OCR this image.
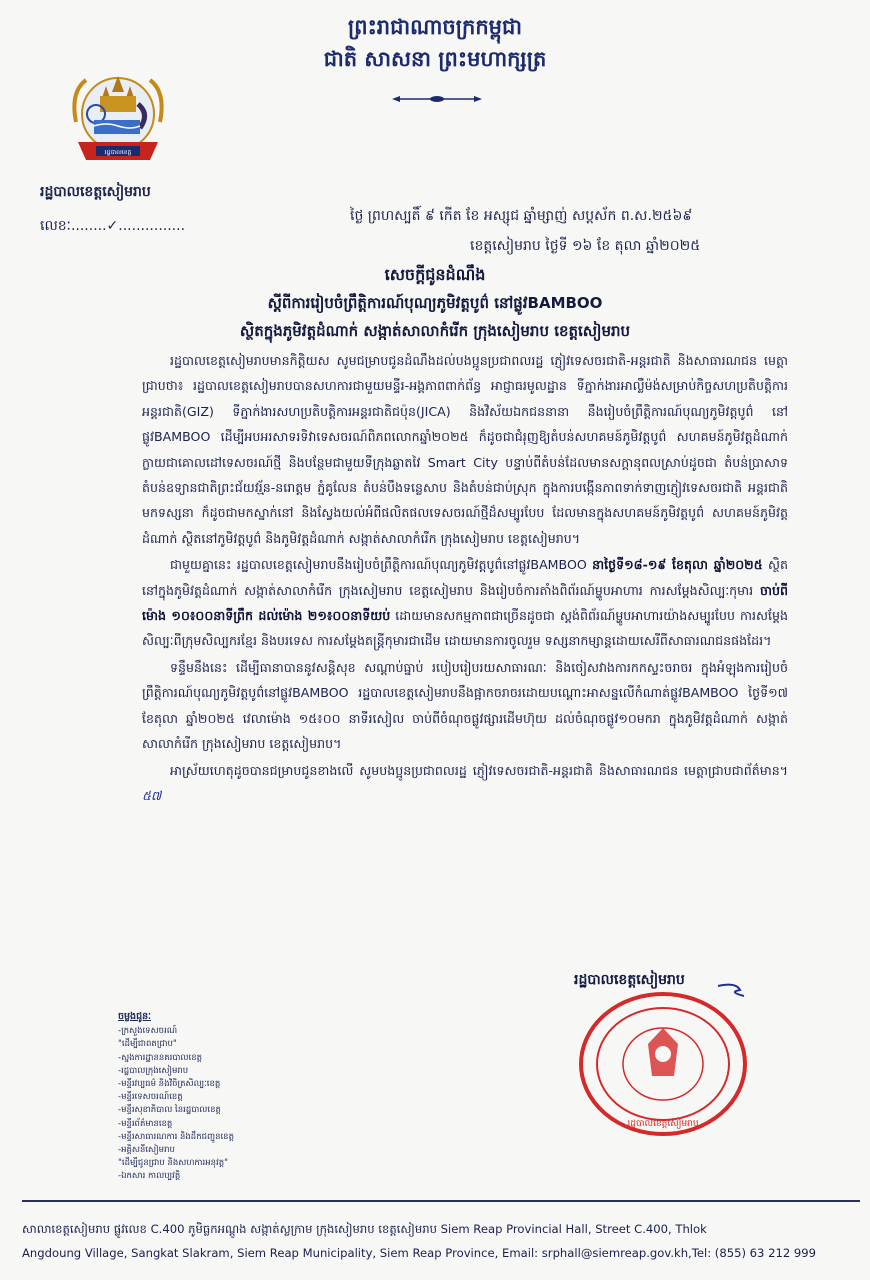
ព្រះរាជាណាចក្រកម្ពុជា
ជាតិ សាសនា ព្រះមហាក្សត្រ
រដ្ឋបាលខេត្ត
រដ្ឋបាលខេត្តសៀមរាប
លេខៈ........✓...............
ថ្ងៃ ព្រហស្បតិ៍ ៩ កើត ខែ អស្សុជ ឆ្នាំម្សាញ់ សប្តស័ក ព.ស.២៥៦៩
ខេត្តសៀមរាប ថ្ងៃទី ១៦ ខែ តុលា ឆ្នាំ២០២៥
សេចក្តីជូនដំណឹង
ស្តីពីការរៀបចំព្រឹត្តិការណ៍បុណ្យភូមិវត្តបូព៌ នៅផ្លូវBAMBOO
ស្ថិតក្នុងភូមិវត្តដំណាក់ សង្កាត់សាលាកំរើក ក្រុងសៀមរាប ខេត្តសៀមរាប

រដ្ឋបាលខេត្តសៀមរាបមានកិត្តិយស សូមជម្រាបជូនដំណឹងដល់បងប្អូនប្រជាពលរដ្ឋ ភ្ញៀវទេសចរជាតិ-អន្តរជាតិ និងសាធារណជន មេត្តាជ្រាបថា៖ រដ្ឋបាលខេត្តសៀមរាបបានសហការជាមួយមន្ទីរ-អង្គភាពពាក់ព័ន្ធ អាជ្ញាធរមូលដ្ឋាន ទីភ្នាក់ងារអាល្លឺម៉ង់សម្រាប់កិច្ចសហប្រតិបត្តិការអន្តរជាតិ(GIZ) ទីភ្នាក់ងារសហប្រតិបត្តិការអន្តរជាតិជប៉ុន(JICA) និងវិស័យឯកជននានា នឹងរៀបចំព្រឹត្តិការណ៍បុណ្យភូមិវត្តបូព៌ នៅផ្លូវBAMBOO ដើម្បីអបអរសាទរទិវាទេសចរណ៍ពិភពលោកឆ្នាំ២០២៥ ក៏ដូចជាជំរុញឱ្យតំបន់សហគមន៍ភូមិវត្តបូព៌ សហគមន៍ភូមិវត្តដំណាក់ ក្លាយជាគោលដៅទេសចរណ៍ថ្មី និងបន្ថែមជាមួយទីក្រុងឆ្លាតវៃ Smart City បន្ទាប់ពីតំបន់ដែលមានសក្តានុពលស្រាប់ដូចជា តំបន់ប្រាសាទ តំបន់ឧទ្យានជាតិព្រះជ័យវរ្ម័ន-នរោត្តម ភ្នំគូលែន តំបន់បឹងទន្លេសាប និងតំបន់ជាប់ស្រុក ក្នុងការបង្កើនភាពទាក់ទាញភ្ញៀវទេសចរជាតិ អន្តរជាតិ មកទស្សនា ក៏ដូចជាមកស្នាក់នៅ និងស្វែងយល់អំពីផលិតផលទេសចរណ៍ថ្មីដ៏សម្បូរបែប ដែលមានក្នុងសហគមន៍ភូមិវត្តបូព៌ សហគមន៍ភូមិវត្តដំណាក់ ស្ថិតនៅភូមិវត្តបូព៌ និងភូមិវត្តដំណាក់ សង្កាត់សាលាកំរើក ក្រុងសៀមរាប ខេត្តសៀមរាប។

ជាមួយគ្នានេះ រដ្ឋបាលខេត្តសៀមរាបនឹងរៀបចំព្រឹត្តិការណ៍បុណ្យភូមិវត្តបូព៌នៅផ្លូវBAMBOO នាថ្ងៃទី១៨-១៩ ខែតុលា ឆ្នាំ២០២៥ ស្ថិតនៅក្នុងភូមិវត្តដំណាក់ សង្កាត់សាលាកំរើក ក្រុងសៀមរាប ខេត្តសៀមរាប និងរៀបចំការតាំងពិព័រណ៍ម្ហូបអាហារ ការសម្តែងសិល្បៈកុមារ ចាប់ពីម៉ោង ១០៖០០នាទីព្រឹក ដល់ម៉ោង ២១៖០០នាទីយប់ ដោយមានសកម្មភាពជាច្រើនដូចជា ស្តង់ពិព័រណ៍ម្ហូបអាហារយ៉ាងសម្បូរបែប ការសម្តែងសិល្បៈពីក្រុមសិល្បករខ្មែរ និងបរទេស ការសម្តែងតន្ត្រីកុមារជាដើម ដោយមានការចូលរួម ទស្សនាកម្សាន្តដោយសេរីពីសាធារណជនផងដែរ។

ទន្ទឹមនឹងនេះ ដើម្បីធានាបាននូវសន្តិសុខ សណ្តាប់ធ្នាប់ របៀបរៀបរយសាធារណៈ និងចៀសវាងការកកស្ទះចរាចរ ក្នុងអំឡុងការរៀបចំព្រឹត្តិការណ៍បុណ្យភូមិវត្តបូព៌នៅផ្លូវBAMBOO រដ្ឋបាលខេត្តសៀមរាបនឹងផ្អាកចរាចរដោយបណ្តោះអាសន្នលើកំណាត់ផ្លូវBAMBOO ថ្ងៃទី១៧ ខែតុលា ឆ្នាំ២០២៥ វេលាម៉ោង ១៥៖០០ នាទីរសៀល ចាប់ពីចំណុចផ្លូវផ្សារដើមហ៊ុយ ដល់ចំណុចផ្លូវ១០មករា ក្នុងភូមិវត្តដំណាក់ សង្កាត់សាលាកំរើក ក្រុងសៀមរាប ខេត្តសៀមរាប។

អាស្រ័យហេតុដូចបានជម្រាបជូនខាងលើ សូមបងប្អូនប្រជាពលរដ្ឋ ភ្ញៀវទេសចរជាតិ-អន្តរជាតិ និងសាធារណជន មេត្តាជ្រាបជាព័ត៌មាន។៥៧

រដ្ឋបាលខេត្តសៀមរាប
រដ្ឋបាលខេត្តសៀមរាប
ចម្លងជូនៈ
-ក្រសួងទេសចរណ៍
"ដើម្បីជាពតជ្រាប"
-ស្នងការដ្ឋាននគរបាលខេត្ត
-រដ្ឋបាលក្រុងសៀមរាប
-មន្ទីរវប្បធម៌ និងវិចិត្រសិល្បៈខេត្ត
-មន្ទីរទេសចរណ៍ខេត្ត
-មន្ទីរសុខាភិបាល នៃរដ្ឋបាលខេត្ត
-មន្ទីរព័ត៌មានខេត្ត
-មន្ទីរសាធារណការ និងដឹកជញ្ជូនខេត្ត
-អគ្គិសនីសៀមរាប
"ដើម្បីជូនជ្រាប និងសហការអនុវត្ត"
-ឯកសារ កាលប្បវត្តិ
សាលាខេត្តសៀមរាប ផ្លូវលេខ C.400 ភូមិធ្លកអណ្តូង សង្កាត់ស្លក្រាម ក្រុងសៀមរាប ខេត្តសៀមរាប Siem Reap Provincial Hall, Street C.400, Thlok
Angdoung Village, Sangkat Slakram, Siem Reap Municipality, Siem Reap Province, Email: srphall@siemreap.gov.kh,Tel: (855) 63 212 999
